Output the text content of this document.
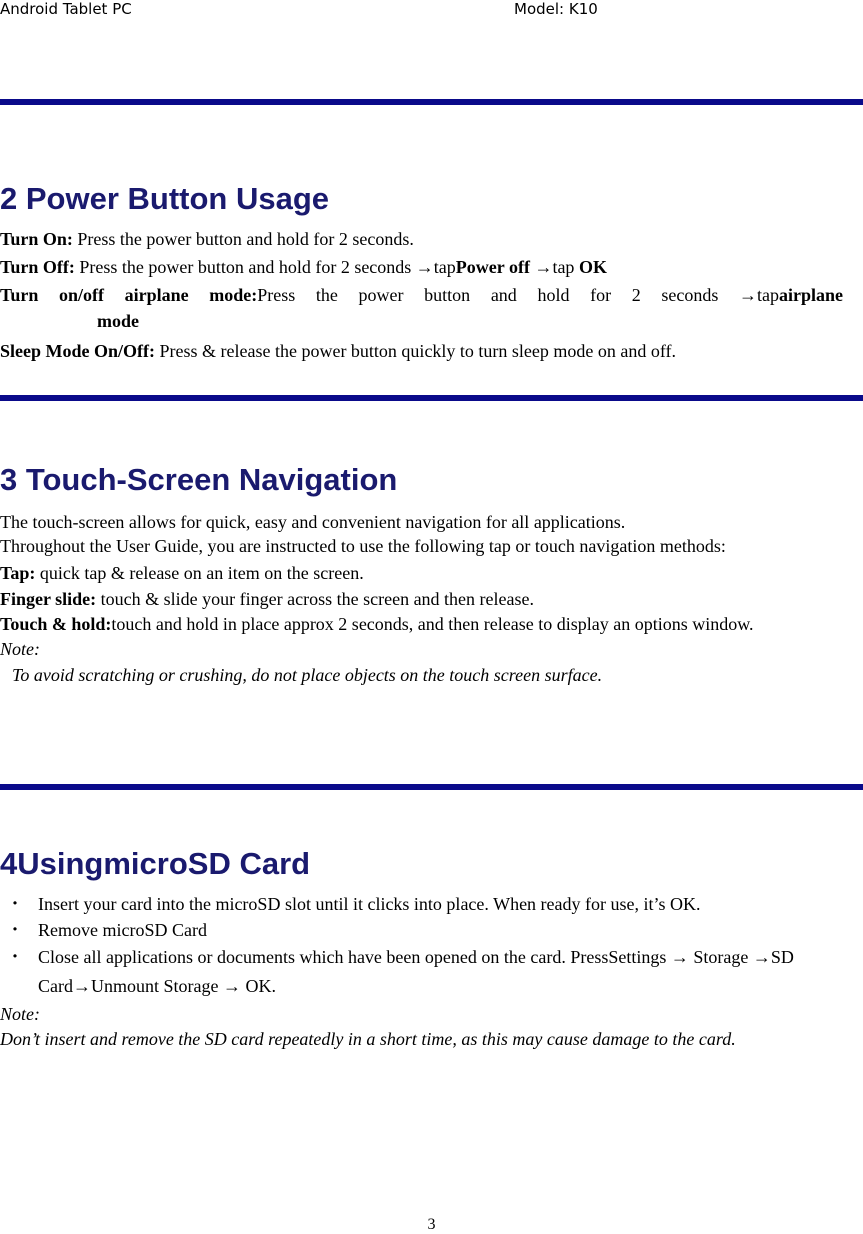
Android Tablet PC	Model: K10
2 Power Button Usage

Turn On: Press the power button and hold for 2 seconds.

Turn Off: Press the power button and hold for 2 seconds →tapPower off →tap OK

Turn on/off airplane mode:Press the power button and hold for 2 seconds →tapairplane

mode

Sleep Mode On/Off: Press & release the power button quickly to turn sleep mode on and off.

3 Touch-Screen Navigation

The touch-screen allows for quick, easy and convenient navigation for all applications.

Throughout the User Guide, you are instructed to use the following tap or touch navigation methods:

Tap: quick tap & release on an item on the screen.

Finger slide: touch & slide your finger across the screen and then release.

Touch & hold:touch and hold in place approx 2 seconds, and then release to display an options window.

Note:

To avoid scratching or crushing, do not place objects on the touch screen surface.

4UsingmicroSD Card
・ Insert your card into the microSD slot until it clicks into place. When ready for use, it’s OK.
・ Remove microSD Card
・ Close all applications or documents which have been opened on the card. PressSettings → Storage →SD Card→Unmount Storage → OK.

Note:

Don’t insert and remove the SD card repeatedly in a short time, as this may cause damage to the card.

3
